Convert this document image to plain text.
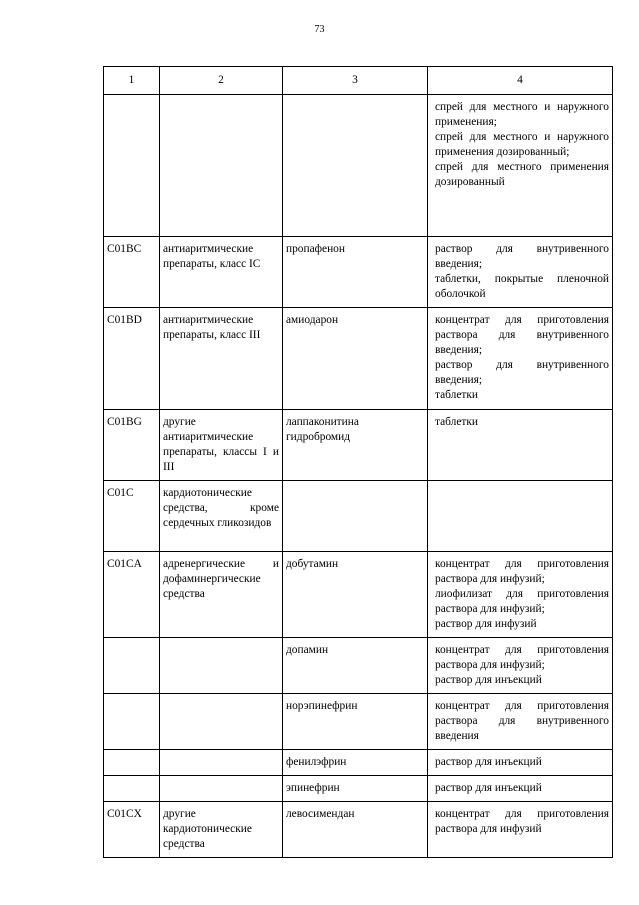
73
1	2	3	4

			спрей для местного и наружного применения;
спрей для местного и наружного применения дозированный;
спрей для местного применения дозированный

C01BC	антиаритмические препараты, класс IC	пропафенон	раствор для внутривенного введения;
таблетки, покрытые пленочной оболочкой

C01BD	антиаритмические препараты, класс III	амиодарон	концентрат для приготовления раствора для внутривенного введения;
раствор для внутривенного введения;
таблетки

C01BG	другие антиаритмические препараты, классы I и III	лаппаконитина гидробромид	таблетки

C01C	кардиотонические средства, кроме сердечных гликозидов		
C01CA	адренергические и дофаминергические средства	добутамин	концентрат для приготовления раствора для инфузий;
лиофилизат для приготовления раствора для инфузий;
раствор для инфузий

		допамин	концентрат для приготовления раствора для инфузий;
раствор для инъекций

		норэпинефрин	концентрат для приготовления раствора для внутривенного введения

		фенилэфрин	раствор для инъекций

		эпинефрин	раствор для инъекций

C01CX	другие кардиотонические средства	левосимендан	концентрат для приготовления раствора для инфузий
